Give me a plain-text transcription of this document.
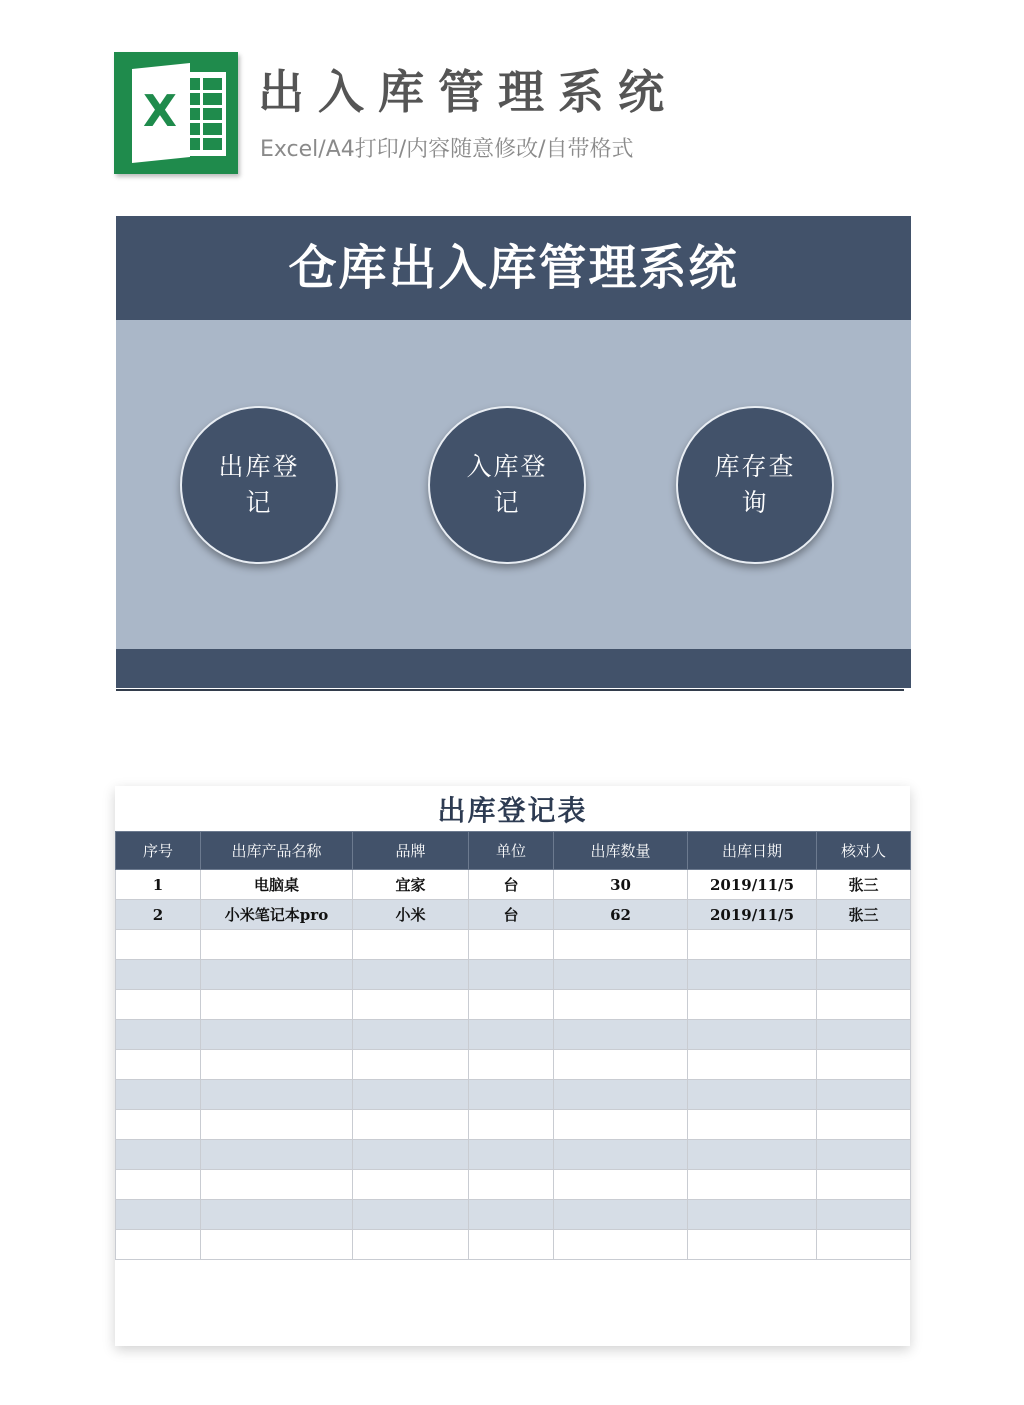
X 出入库管理系统
Excel/A4打印/内容随意修改/自带格式
仓库出入库管理系统
出库登记
入库登记
库存查询
出库登记表
序号	出库产品名称	品牌	单位	出库数量	出库日期	核对人
1	电脑桌	宜家	台	30	2019/11/5	张三
2	小米笔记本pro	小米	台	62	2019/11/5	张三
